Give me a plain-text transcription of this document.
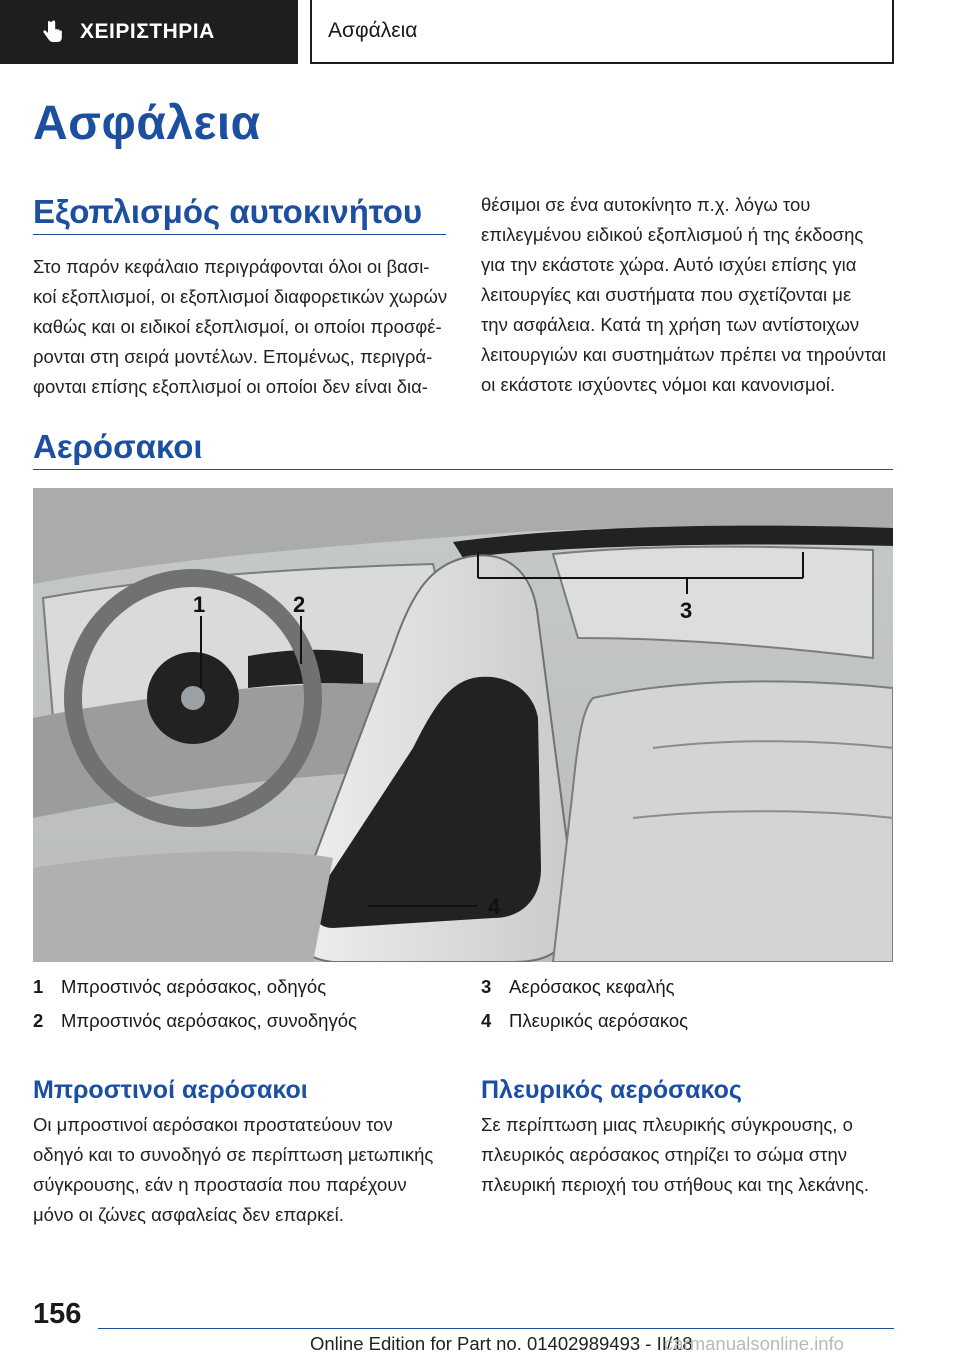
ΧΕΙΡΙΣΤΗΡΙΑ	Ασφάλεια
Ασφάλεια
Εξοπλισμός αυτοκινήτου

Στο παρόν κεφάλαιο περιγράφονται όλοι οι βασι‐
κοί εξοπλισμοί, οι εξοπλισμοί διαφορετικών χωρών
καθώς και οι ειδικοί εξοπλισμοί, οι οποίοι προσφέ‐
ρονται στη σειρά μοντέλων. Επομένως, περιγρά‐
φονται επίσης εξοπλισμοί οι οποίοι δεν είναι δια‐

θέσιμοι σε ένα αυτοκίνητο π.χ. λόγω του
επιλεγμένου ειδικού εξοπλισμού ή της έκδοσης
για την εκάστοτε χώρα. Αυτό ισχύει επίσης για
λειτουργίες και συστήματα που σχετίζονται με
την ασφάλεια. Κατά τη χρήση των αντίστοιχων
λειτουργιών και συστημάτων πρέπει να τηρούνται
οι εκάστοτε ισχύοντες νόμοι και κανονισμοί.

Αερόσακοι
1	2	3
4
1 Μπροστινός αερόσακος, οδηγός
2 Μπροστινός αερόσακος, συνοδηγός
3 Αερόσακος κεφαλής
4 Πλευρικός αερόσακος
Μπροστινοί αερόσακοι

Οι μπροστινοί αερόσακοι προστατεύουν τον
οδηγό και το συνοδηγό σε περίπτωση μετωπικής
σύγκρουσης, εάν η προστασία που παρέχουν
μόνο οι ζώνες ασφαλείας δεν επαρκεί.

Πλευρικός αερόσακος

Σε περίπτωση μιας πλευρικής σύγκρουσης, ο
πλευρικός αερόσακος στηρίζει το σώμα στην
πλευρική περιοχή του στήθους και της λεκάνης.

156
Online Edition for Part no. 01402989493 - II/18
carmanualsonline.info
